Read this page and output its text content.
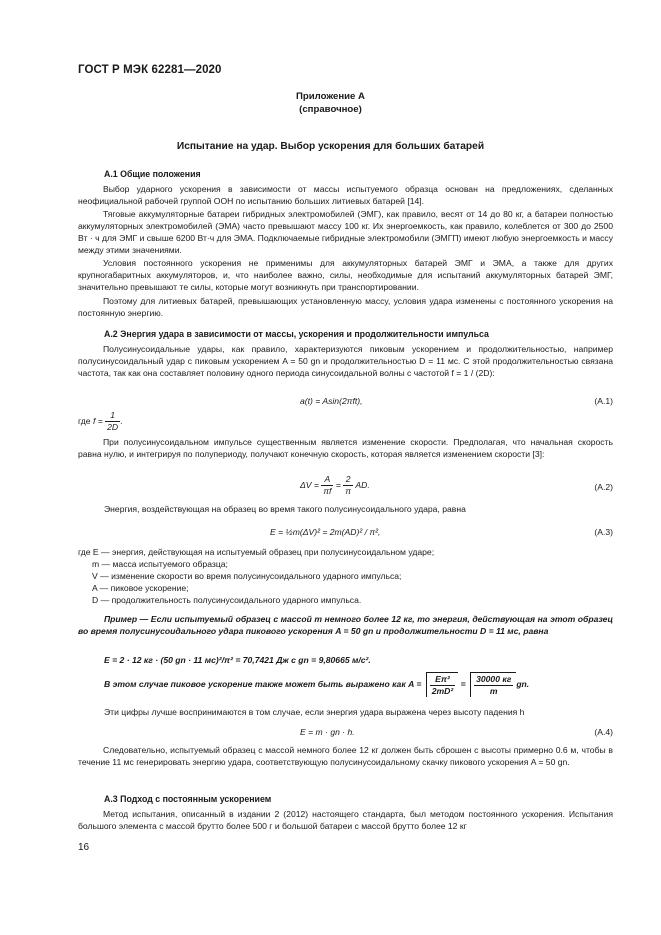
ГОСТ Р МЭК 62281—2020
Приложение А
(справочное)
Испытание на удар. Выбор ускорения для больших батарей
А.1 Общие положения
Выбор ударного ускорения в зависимости от массы испытуемого образца основан на предложениях, сделанных неофициальной рабочей группой ООН по испытанию больших литиевых батарей [14].
Тяговые аккумуляторные батареи гибридных электромобилей (ЭМГ), как правило, весят от 14 до 80 кг, а батареи полностью аккумуляторных электромобилей (ЭМА) часто превышают массу 100 кг. Их энергоемкость, как правило, колеблется от 300 до 2500 Вт · ч для ЭМГ и свыше 6200 Вт·ч для ЭМА. Подключаемые гибридные электромобили (ЭМГП) имеют любую энергоемкость и массу между этими значениями.
Условия постоянного ускорения не применимы для аккумуляторных батарей ЭМГ и ЭМА, а также для других крупногабаритных аккумуляторов, и, что наиболее важно, силы, необходимые для испытаний аккумуляторных батарей ЭМГ, значительно превышают те силы, которые могут возникнуть при транспортировании.
Поэтому для литиевых батарей, превышающих установленную массу, условия удара изменены с постоянного ускорения на постоянную энергию.
А.2 Энергия удара в зависимости от массы, ускорения и продолжительности импульса
Полусинусоидальные удары, как правило, характеризуются пиковым ускорением и продолжительностью, например полусинусоидальный удар с пиковым ускорением A = 50 gn и продолжительностью D = 11 мс. С этой продолжительностью связана частота, так как она составляет половину одного периода синусоидальной волны с частотой f = 1 / (2D):
a(t) = Asin(2πft),	(А.1)
где $f = \frac{1}{2D}$ .
При полусинусоидальном импульсе существенным является изменение скорости. Предполагая, что начальная скорость равна нулю, и интегрируя по полупериоду, получают конечную скорость, которая является изменением скорости [3]:
$\Delta V = \frac{A}{\pi f} = \frac{2}{\pi}$ AD.	(А.2)
Энергия, воздействующая на образец во время такого полусинусоидального удара, равна
E = ½m(ΔV)² = 2m(AD)² / π²,	(А.3)
где E — энергия, действующая на испытуемый образец при полусинусоидальном ударе;
m — масса испытуемого образца;
V — изменение скорости во время полусинусоидального ударного импульса;
A — пиковое ускорение;
D — продолжительность полусинусоидального ударного импульса.
Пример — Если испытуемый образец с массой m немного более 12 кг, то энергия, действующая на этот образец во время полусинусоидального удара пикового ускорения A = 50 gn и продолжительности D = 11 мс, равна
E = 2 · 12 кг · (50 gn · 11 мс)²/π² = 70,7421 Дж с gn = 9,80665 м/с².
В этом случае пиковое ускорение также может быть выражено как $A = \frac{\text{Eπ²}}{\text{2mD²}} = \frac{30000 кг}{m}$ gn.
Эти цифры лучше воспринимаются в том случае, если энергия удара выражена через высоту падения h
E = m · gn · h.	(А.4)
Следовательно, испытуемый образец с массой немного более 12 кг должен быть сброшен с высоты примерно 0.6 м, чтобы в течение 11 мс генерировать энергию удара, соответствующую полусинусоидальному скачку пикового ускорения A = 50 gn.
А.3 Подход с постоянным ускорением
Метод испытания, описанный в издании 2 (2012) настоящего стандарта, был методом постоянного ускорения. Испытания большого элемента с массой брутто более 500 г и большой батареи с массой брутто более 12 кг
16
